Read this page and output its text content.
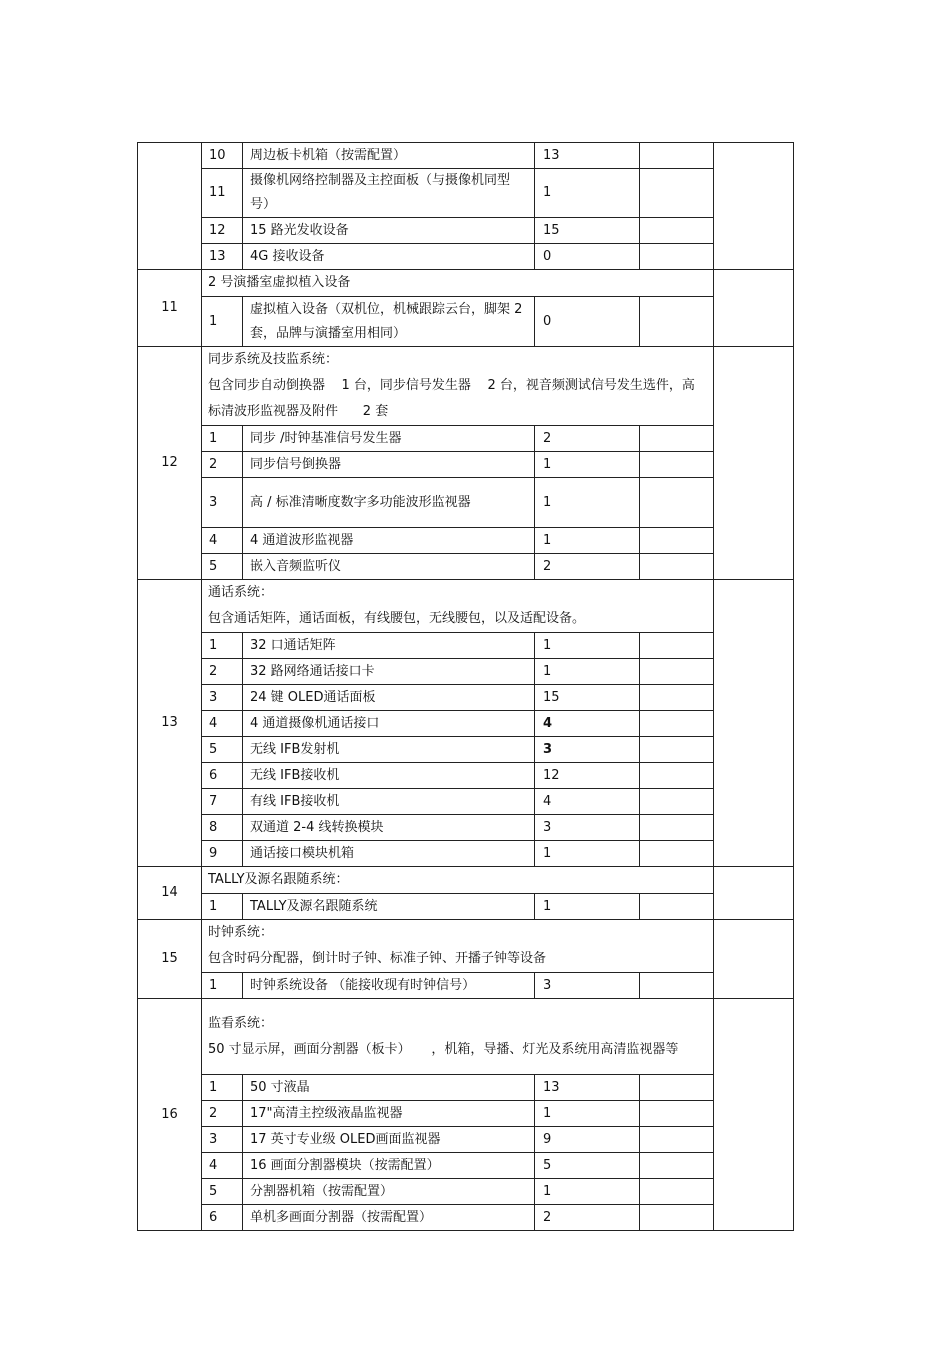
	10	周边板卡机箱（按需配置）	13		
	11	摄像机网络控制器及主控面板（与摄像机同型号）	1		
	12	15 路光发收设备	15		
	13	4G 接收设备	0		

11	2 号演播室虚拟植入设备				
	1	虚拟植入设备（双机位，机械跟踪云台，脚架 2 套，品牌与演播室用相同）	0		
12	同步系统及技监系统：
包含同步自动倒换器    1 台，同步信号发生器    2 台，视音频测试信号发生选件，高标清波形监视器及附件      2 套				

	1	同步 /时钟基准信号发生器	2		
	2	同步信号倒换器	1		
	3	高 / 标准清晰度数字多功能波形监视器	1		
	4	4 通道波形监视器	1		
	5	嵌入音频监听仪	2		
13	通话系统：
包含通话矩阵，通话面板，有线腰包，无线腰包，以及适配设备。				

	1	32 口通话矩阵	1		
	2	32 路网络通话接口卡	1		
	3	24 键 OLED通话面板	15		
	4	4 通道摄像机通话接口	4		
	5	无线 IFB发射机	3		
	6	无线 IFB接收机	12		
	7	有线 IFB接收机	4		
	8	双通道 2-4 线转换模块	3		
	9	通话接口模块机箱	1		
14	TALLY及源名跟随系统：				
	1	TALLY及源名跟随系统	1		
15	时钟系统：
包含时码分配器，倒计时子钟、标准子钟、开播子钟等设备				

	1	时钟系统设备 （能接收现有时钟信号）	3		
16	监看系统：
50 寸显示屏，画面分割器（板卡）     ，机箱，导播、灯光及系统用高清监视器等				

	1	50 寸液晶	13		
	2	17"高清主控级液晶监视器	1		
	3	17 英寸专业级 OLED画面监视器	9		
	4	16 画面分割器模块（按需配置）	5		
	5	分割器机箱（按需配置）	1		
	6	单机多画面分割器（按需配置）	2		
